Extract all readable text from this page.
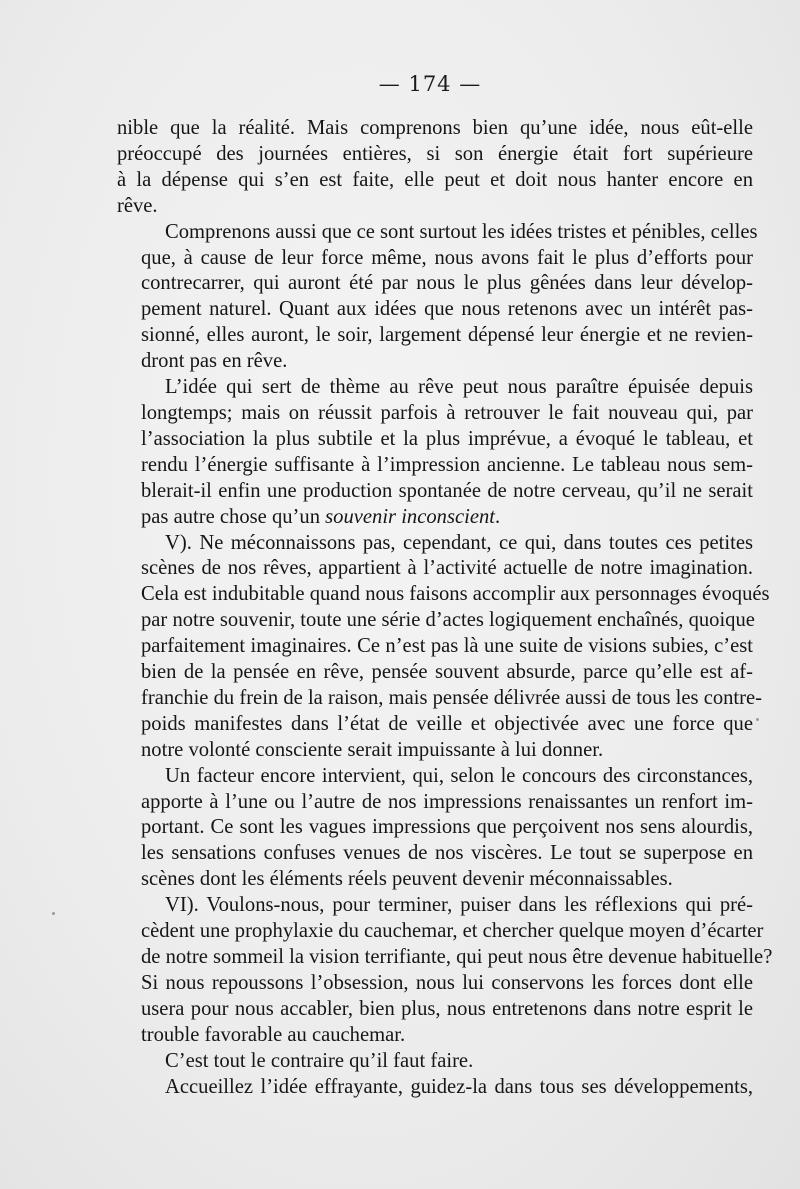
— 174 —
nible que la réalité. Mais comprenons bien qu’une idée, nous eût-elle
préoccupé des journées entières, si son énergie était fort supérieure
à la dépense qui s’en est faite, elle peut et doit nous hanter encore en
rêve.
Comprenons aussi que ce sont surtout les idées tristes et pénibles, celles
que, à cause de leur force même, nous avons fait le plus d’efforts pour
contrecarrer, qui auront été par nous le plus gênées dans leur dévelop-
pement naturel. Quant aux idées que nous retenons avec un intérêt pas-
sionné, elles auront, le soir, largement dépensé leur énergie et ne revien-
dront pas en rêve.
L’idée qui sert de thème au rêve peut nous paraître épuisée depuis
longtemps; mais on réussit parfois à retrouver le fait nouveau qui, par
l’association la plus subtile et la plus imprévue, a évoqué le tableau, et
rendu l’énergie suffisante à l’impression ancienne. Le tableau nous sem-
blerait-il enfin une production spontanée de notre cerveau, qu’il ne serait
pas autre chose qu’un souvenir inconscient.
V). Ne méconnaissons pas, cependant, ce qui, dans toutes ces petites
scènes de nos rêves, appartient à l’activité actuelle de notre imagination.
Cela est indubitable quand nous faisons accomplir aux personnages évoqués
par notre souvenir, toute une série d’actes logiquement enchaînés, quoique
parfaitement imaginaires. Ce n’est pas là une suite de visions subies, c’est
bien de la pensée en rêve, pensée souvent absurde, parce qu’elle est af-
franchie du frein de la raison, mais pensée délivrée aussi de tous les contre-
poids manifestes dans l’état de veille et objectivée avec une force que
notre volonté consciente serait impuissante à lui donner.
Un facteur encore intervient, qui, selon le concours des circonstances,
apporte à l’une ou l’autre de nos impressions renaissantes un renfort im-
portant. Ce sont les vagues impressions que perçoivent nos sens alourdis,
les sensations confuses venues de nos viscères. Le tout se superpose en
scènes dont les éléments réels peuvent devenir méconnaissables.
VI). Voulons-nous, pour terminer, puiser dans les réflexions qui pré-
cèdent une prophylaxie du cauchemar, et chercher quelque moyen d’écarter
de notre sommeil la vision terrifiante, qui peut nous être devenue habituelle?
Si nous repoussons l’obsession, nous lui conservons les forces dont elle
usera pour nous accabler, bien plus, nous entretenons dans notre esprit le
trouble favorable au cauchemar.
C’est tout le contraire qu’il faut faire.
Accueillez l’idée effrayante, guidez-la dans tous ses développements,
